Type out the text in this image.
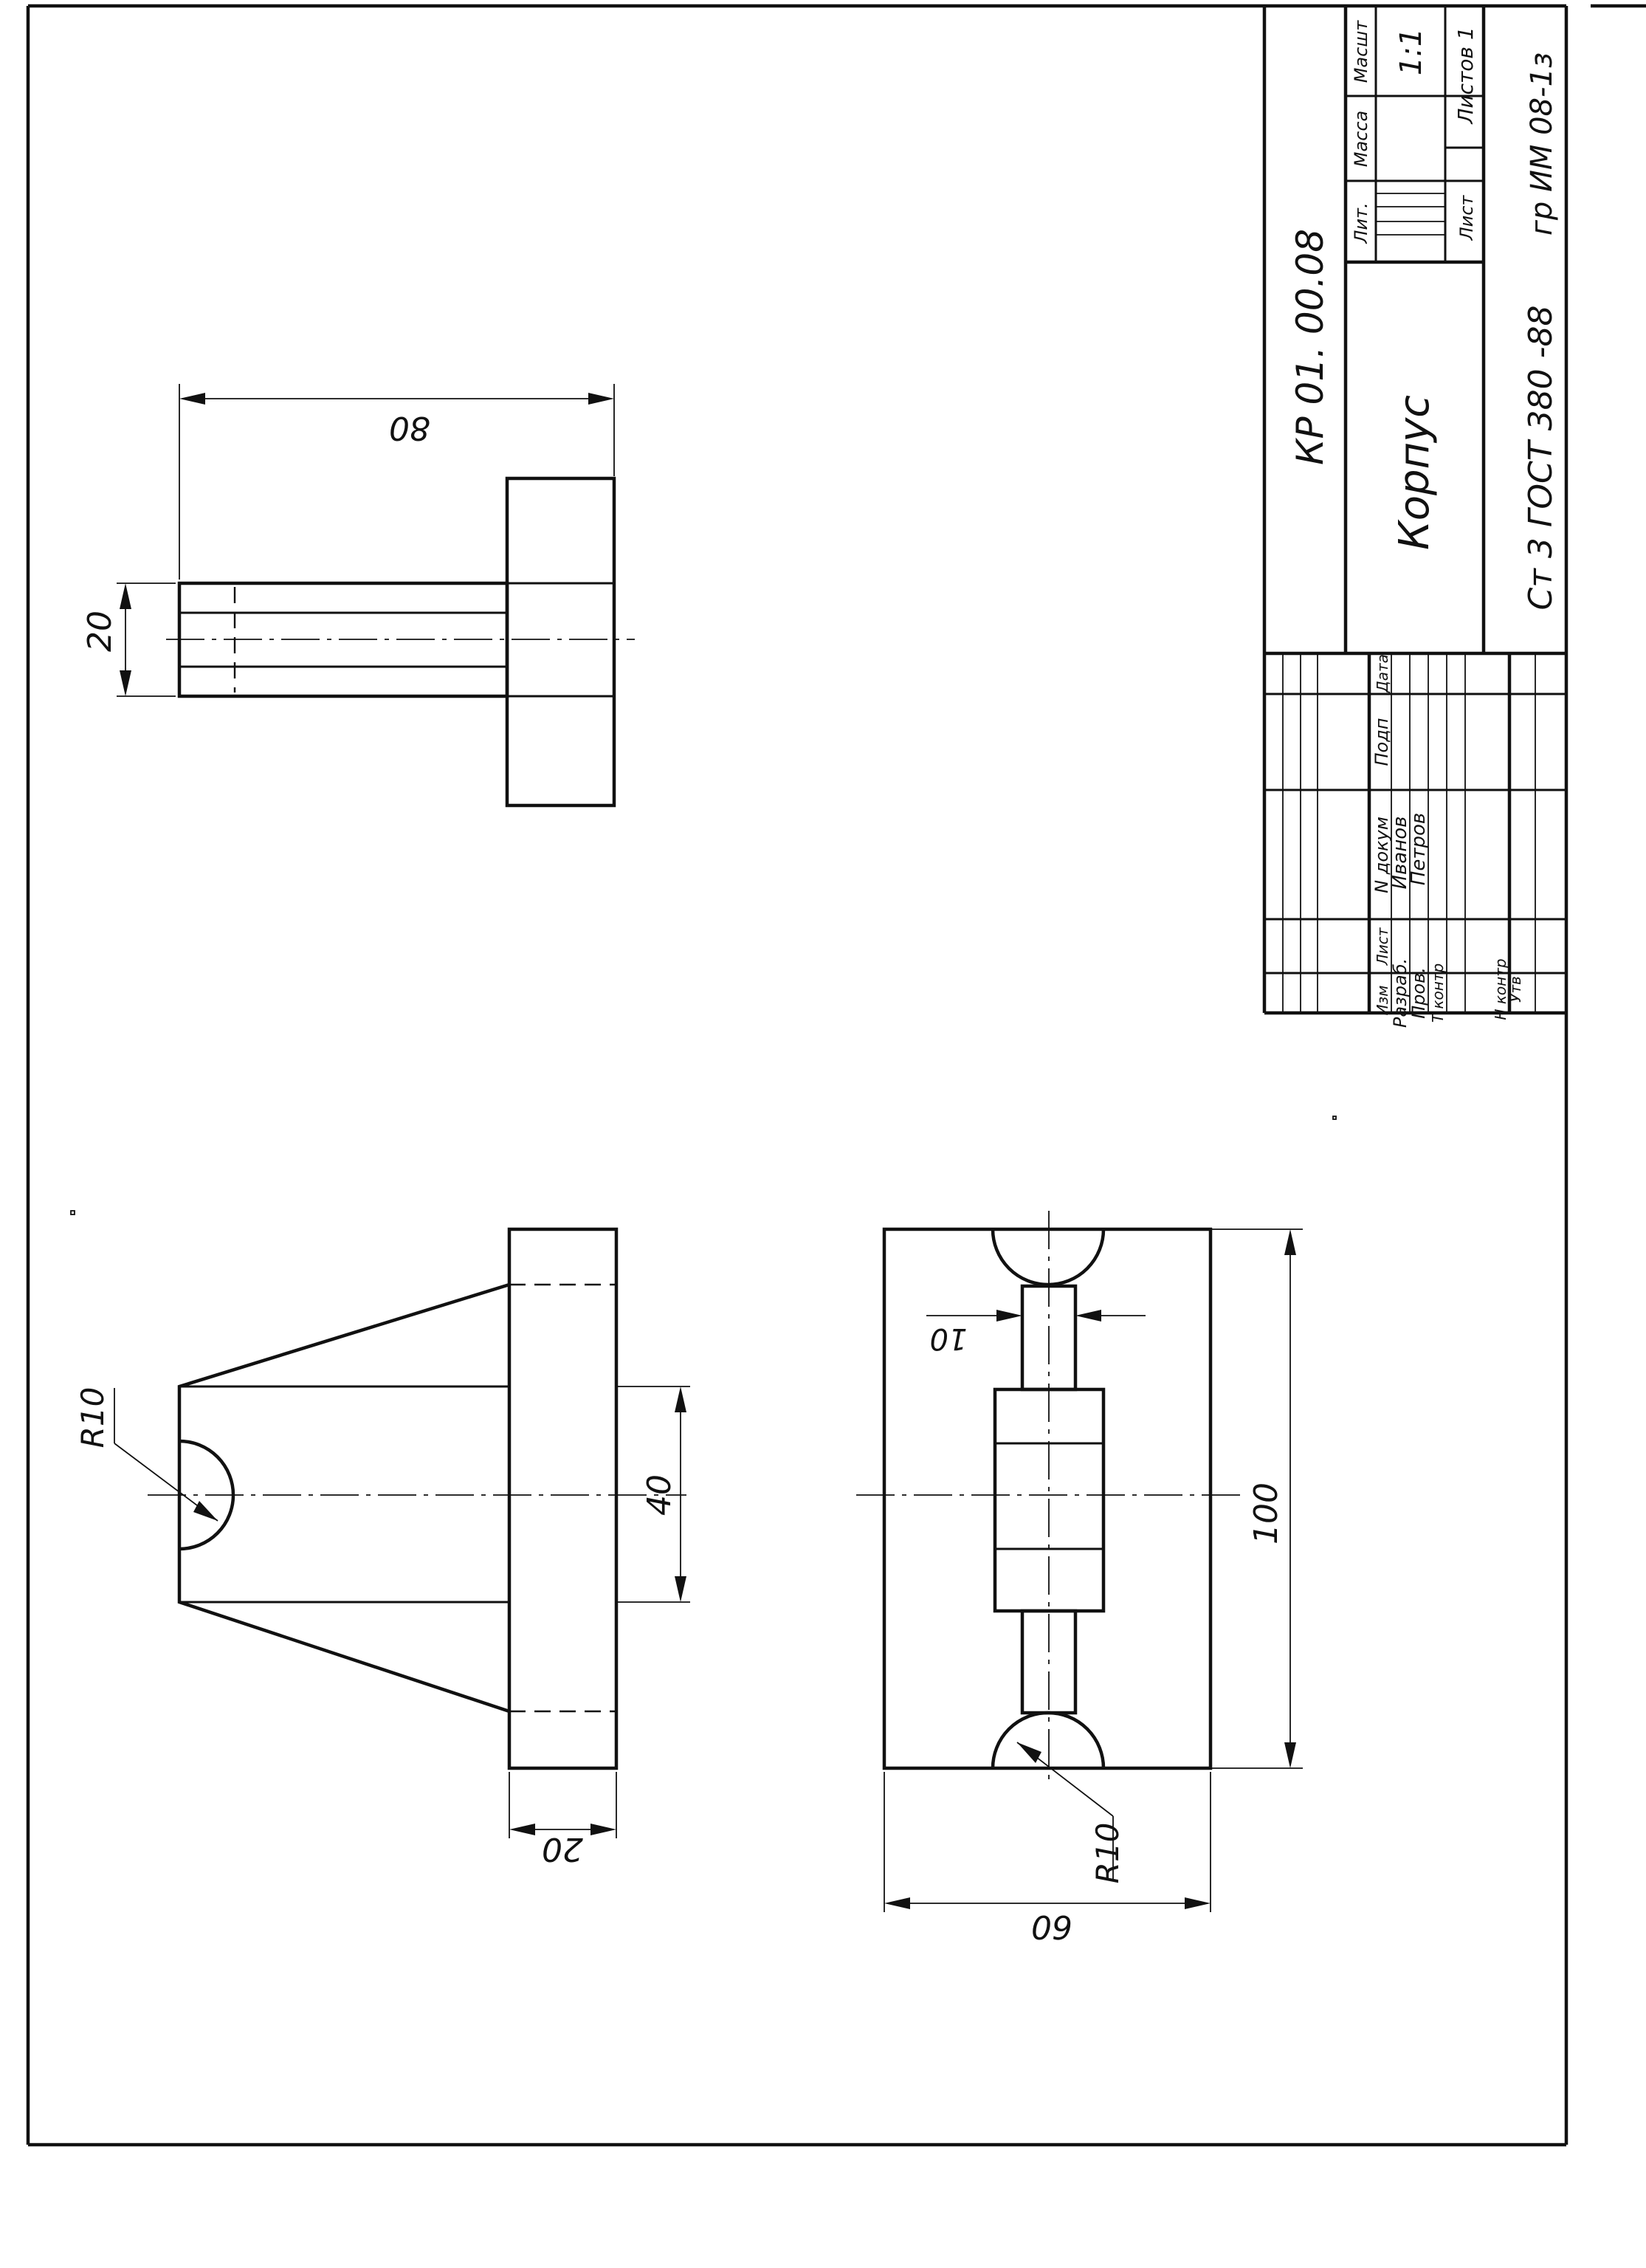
КР 01. 00.08
Корпус	Ст 3 ГОСТ 380 -88
гр ИМ 08-1з
1:1 Листов 1
Лит.
Масса
Масшт
Лист
Изм
Лист
N докум
Подп
Дата
Разраб.
Пров. Т контр	Н контр
Утв
Иванов
Петров
80
20
R10
40
20
10
100
60
R10
